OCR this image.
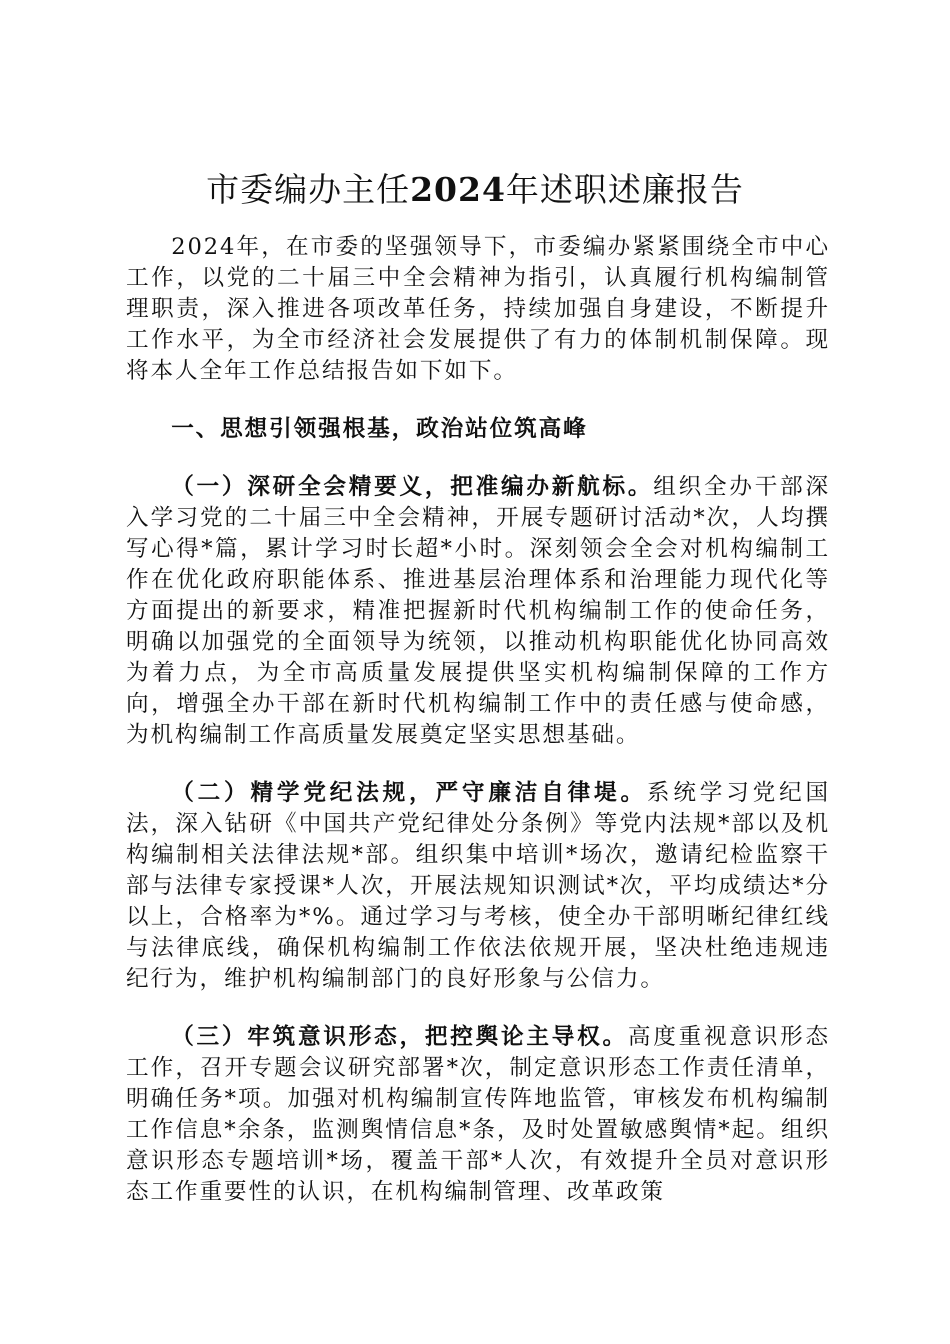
市委编办主任2024年述职述廉报告

2024年，在市委的坚强领导下，市委编办紧紧围绕全市中心工作，以党的二十届三中全会精神为指引，认真履行机构编制管理职责，深入推进各项改革任务，持续加强自身建设，不断提升工作水平，为全市经济社会发展提供了有力的体制机制保障。现将本人全年工作总结报告如下如下。

一、思想引领强根基，政治站位筑高峰

（一）深研全会精要义，把准编办新航标。组织全办干部深入学习党的二十届三中全会精神，开展专题研讨活动*次，人均撰写心得*篇，累计学习时长超*小时。深刻领会全会对机构编制工作在优化政府职能体系、推进基层治理体系和治理能力现代化等方面提出的新要求，精准把握新时代机构编制工作的使命任务，明确以加强党的全面领导为统领，以推动机构职能优化协同高效为着力点，为全市高质量发展提供坚实机构编制保障的工作方向，增强全办干部在新时代机构编制工作中的责任感与使命感，为机构编制工作高质量发展奠定坚实思想基础。

（二）精学党纪法规，严守廉洁自律堤。系统学习党纪国法，深入钻研《中国共产党纪律处分条例》等党内法规*部以及机构编制相关法律法规*部。组织集中培训*场次，邀请纪检监察干部与法律专家授课*人次，开展法规知识测试*次，平均成绩达*分以上，合格率为*%。通过学习与考核，使全办干部明晰纪律红线与法律底线，确保机构编制工作依法依规开展，坚决杜绝违规违纪行为，维护机构编制部门的良好形象与公信力。

（三）牢筑意识形态，把控舆论主导权。高度重视意识形态工作，召开专题会议研究部署*次，制定意识形态工作责任清单，明确任务*项。加强对机构编制宣传阵地监管，审核发布机构编制工作信息*余条，监测舆情信息*条，及时处置敏感舆情*起。组织意识形态专题培训*场，覆盖干部*人次，有效提升全员对意识形态工作重要性的认识，在机构编制管理、改革政策
